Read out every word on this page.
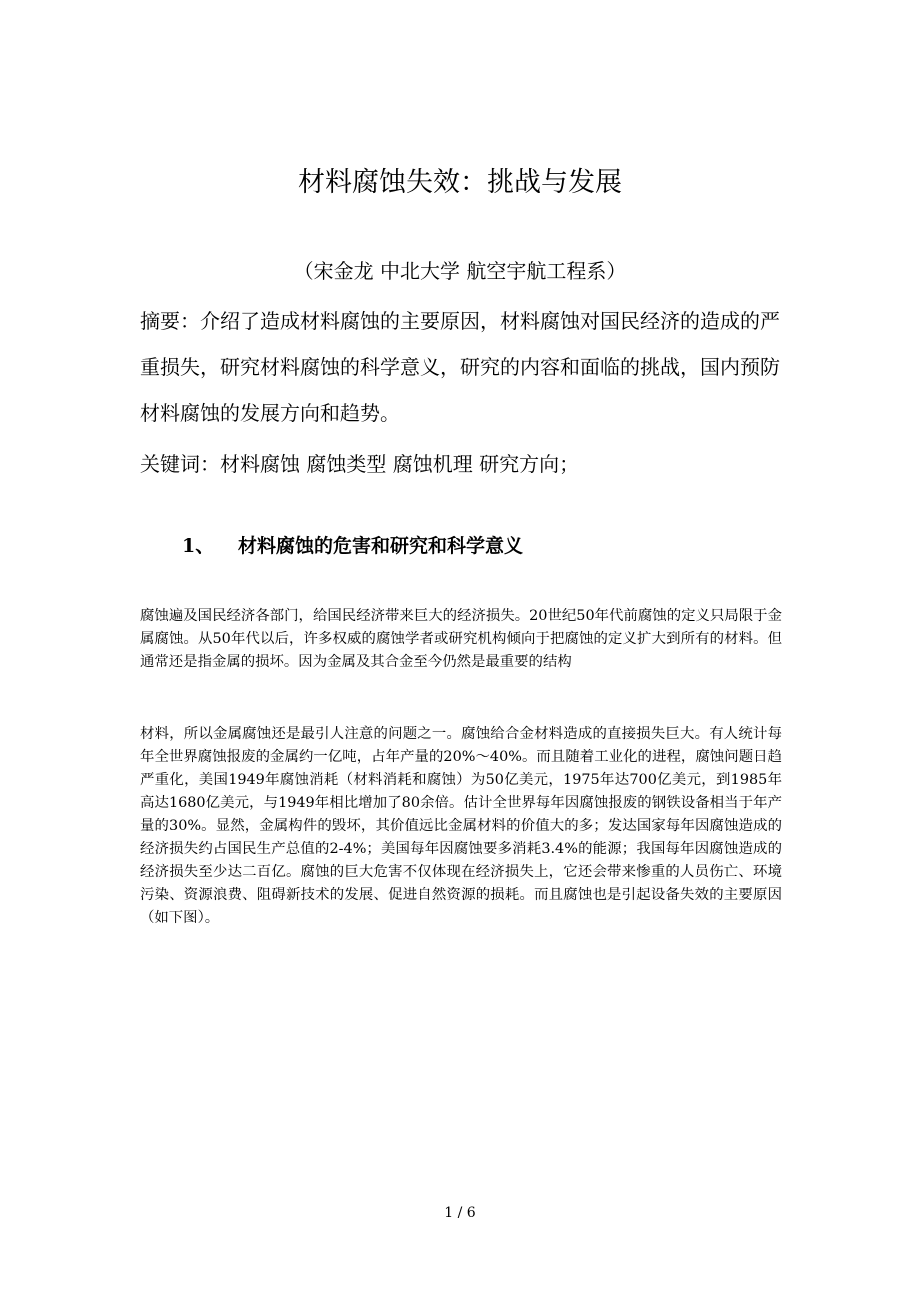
材料腐蚀失效：挑战与发展
（宋金龙 中北大学 航空宇航工程系）

摘要：介绍了造成材料腐蚀的主要原因，材料腐蚀对国民经济的造成的严重损失，研究材料腐蚀的科学意义，研究的内容和面临的挑战，国内预防材料腐蚀的发展方向和趋势。

关键词：材料腐蚀 腐蚀类型 腐蚀机理 研究方向；

1、 材料腐蚀的危害和研究和科学意义

腐蚀遍及国民经济各部门，给国民经济带来巨大的经济损失。20世纪50年代前腐蚀的定义只局限于金属腐蚀。从50年代以后，许多权威的腐蚀学者或研究机构倾向于把腐蚀的定义扩大到所有的材料。但通常还是指金属的损坏。因为金属及其合金至今仍然是最重要的结构

材料，所以金属腐蚀还是最引人注意的问题之一。腐蚀给合金材料造成的直接损失巨大。有人统计每年全世界腐蚀报废的金属约一亿吨，占年产量的20%～40%。而且随着工业化的进程，腐蚀问题日趋严重化，美国1949年腐蚀消耗（材料消耗和腐蚀）为50亿美元，1975年达700亿美元，到1985年高达1680亿美元，与1949年相比增加了80余倍。估计全世界每年因腐蚀报废的钢铁设备相当于年产量的30%。显然，金属构件的毁坏，其价值远比金属材料的价值大的多；发达国家每年因腐蚀造成的经济损失约占国民生产总值的2-4%；美国每年因腐蚀要多消耗3.4%的能源；我国每年因腐蚀造成的经济损失至少达二百亿。腐蚀的巨大危害不仅体现在经济损失上，它还会带来惨重的人员伤亡、环境污染、资源浪费、阻碍新技术的发展、促进自然资源的损耗。而且腐蚀也是引起设备失效的主要原因（如下图）。

1 / 6
